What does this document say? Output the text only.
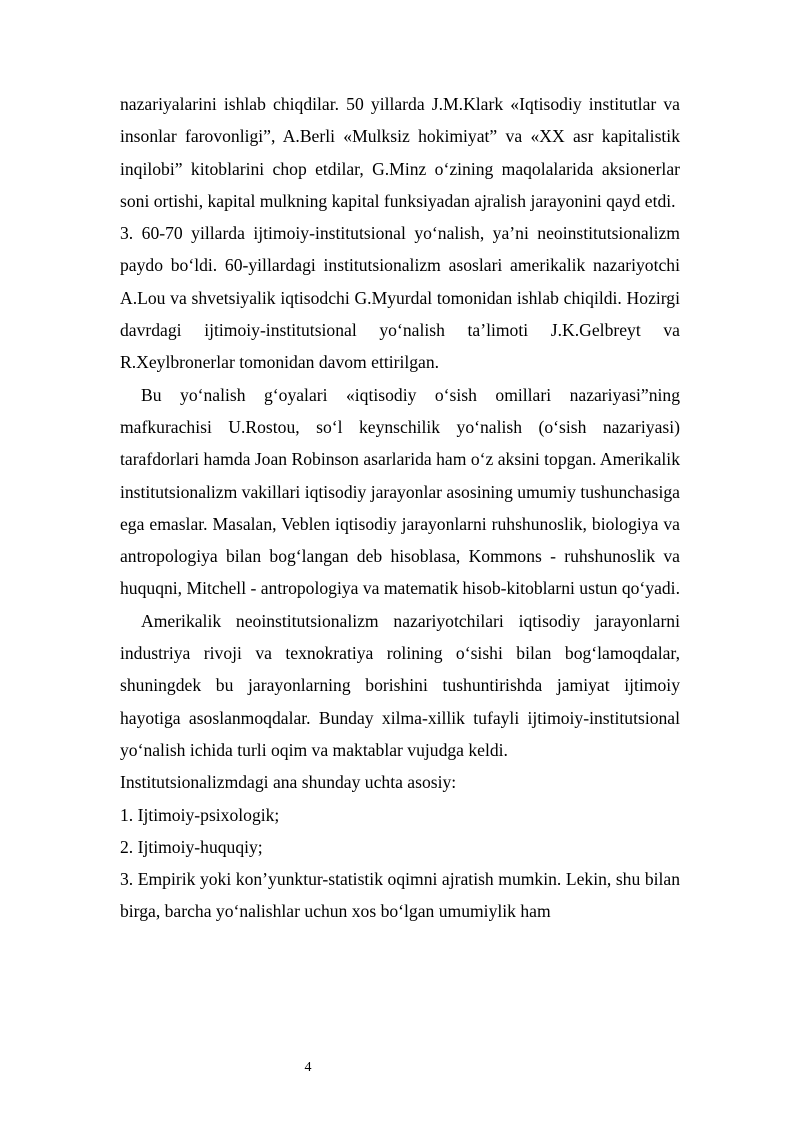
nazariyalarini ishlab chiqdilar. 50 yillarda J.M.Klark «Iqtisodiy institutlar va insonlar farovonligi”, A.Berli «Mulksiz hokimiyat” va «XX asr kapitalistik inqilobi” kitoblarini chop etdilar, G.Minz o‘zining maqolalarida aksionerlar soni ortishi, kapital mulkning kapital funksiyadan ajralish jarayonini qayd etdi.

3. 60-70 yillarda ijtimoiy-institutsional yo‘nalish, ya’ni neoinstitutsionalizm paydo bo‘ldi. 60-yillardagi institutsionalizm asoslari amerikalik nazariyotchi A.Lou va shvetsiyalik iqtisodchi G.Myurdal tomonidan ishlab chiqildi. Hozirgi davrdagi ijtimoiy-institutsional yo‘nalish ta’limoti J.K.Gelbreyt va R.Xeylbronerlar tomonidan davom ettirilgan.

Bu yo‘nalish g‘oyalari «iqtisodiy o‘sish omillari nazariyasi”ning mafkurachisi U.Rostou, so‘l keynschilik yo‘nalish (o‘sish nazariyasi) tarafdorlari hamda Joan Robinson asarlarida ham o‘z aksini topgan. Amerikalik institutsionalizm vakillari iqtisodiy jarayonlar asosining umumiy tushunchasiga ega emaslar. Masalan, Veblen iqtisodiy jarayonlarni ruhshunoslik, biologiya va antropologiya bilan bog‘langan deb hisoblasa, Kommons - ruhshunoslik va huquqni, Mitchell - antropologiya va matematik hisob-kitoblarni ustun qo‘yadi.

Amerikalik neoinstitutsionalizm nazariyotchilari iqtisodiy jarayonlarni industriya rivoji va texnokratiya rolining o‘sishi bilan bog‘lamoqdalar, shuningdek bu jarayonlarning borishini tushuntirishda jamiyat ijtimoiy hayotiga asoslanmoqdalar. Bunday xilma-xillik tufayli ijtimoiy-institutsional yo‘nalish ichida turli oqim va maktablar vujudga keldi.

Institutsionalizmdagi ana shunday uchta asosiy:

1. Ijtimoiy-psixologik;

2. Ijtimoiy-huquqiy;

3. Empirik yoki kon’yunktur-statistik oqimni ajratish mumkin. Lekin, shu bilan birga, barcha yo‘nalishlar uchun xos bo‘lgan umumiylik ham

4
